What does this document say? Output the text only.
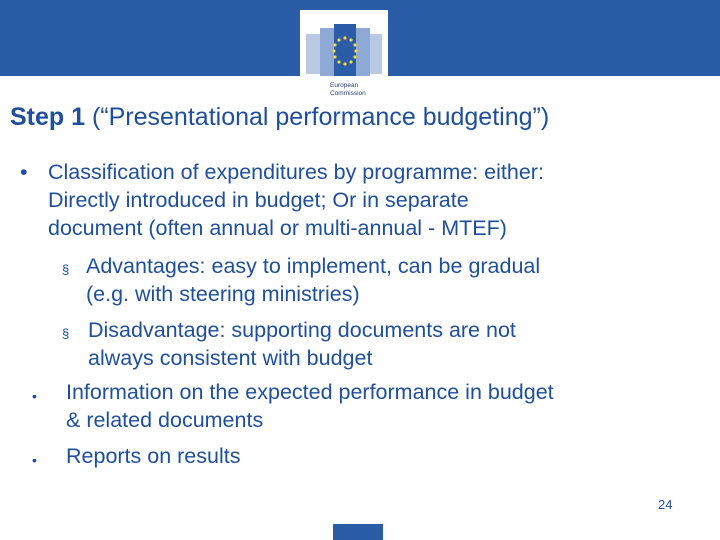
European
Commission
Step 1 (“Presentational performance budgeting”)
• Classification of expenditures by programme: either:
Directly introduced in budget; Or in separate
document (often annual or multi-annual - MTEF)
§ Advantages: easy to implement, can be gradual
(e.g. with steering ministries)
§ Disadvantage: supporting documents are not
always consistent with budget
• Information on the expected performance in budget
& related documents
• Reports on results
24
